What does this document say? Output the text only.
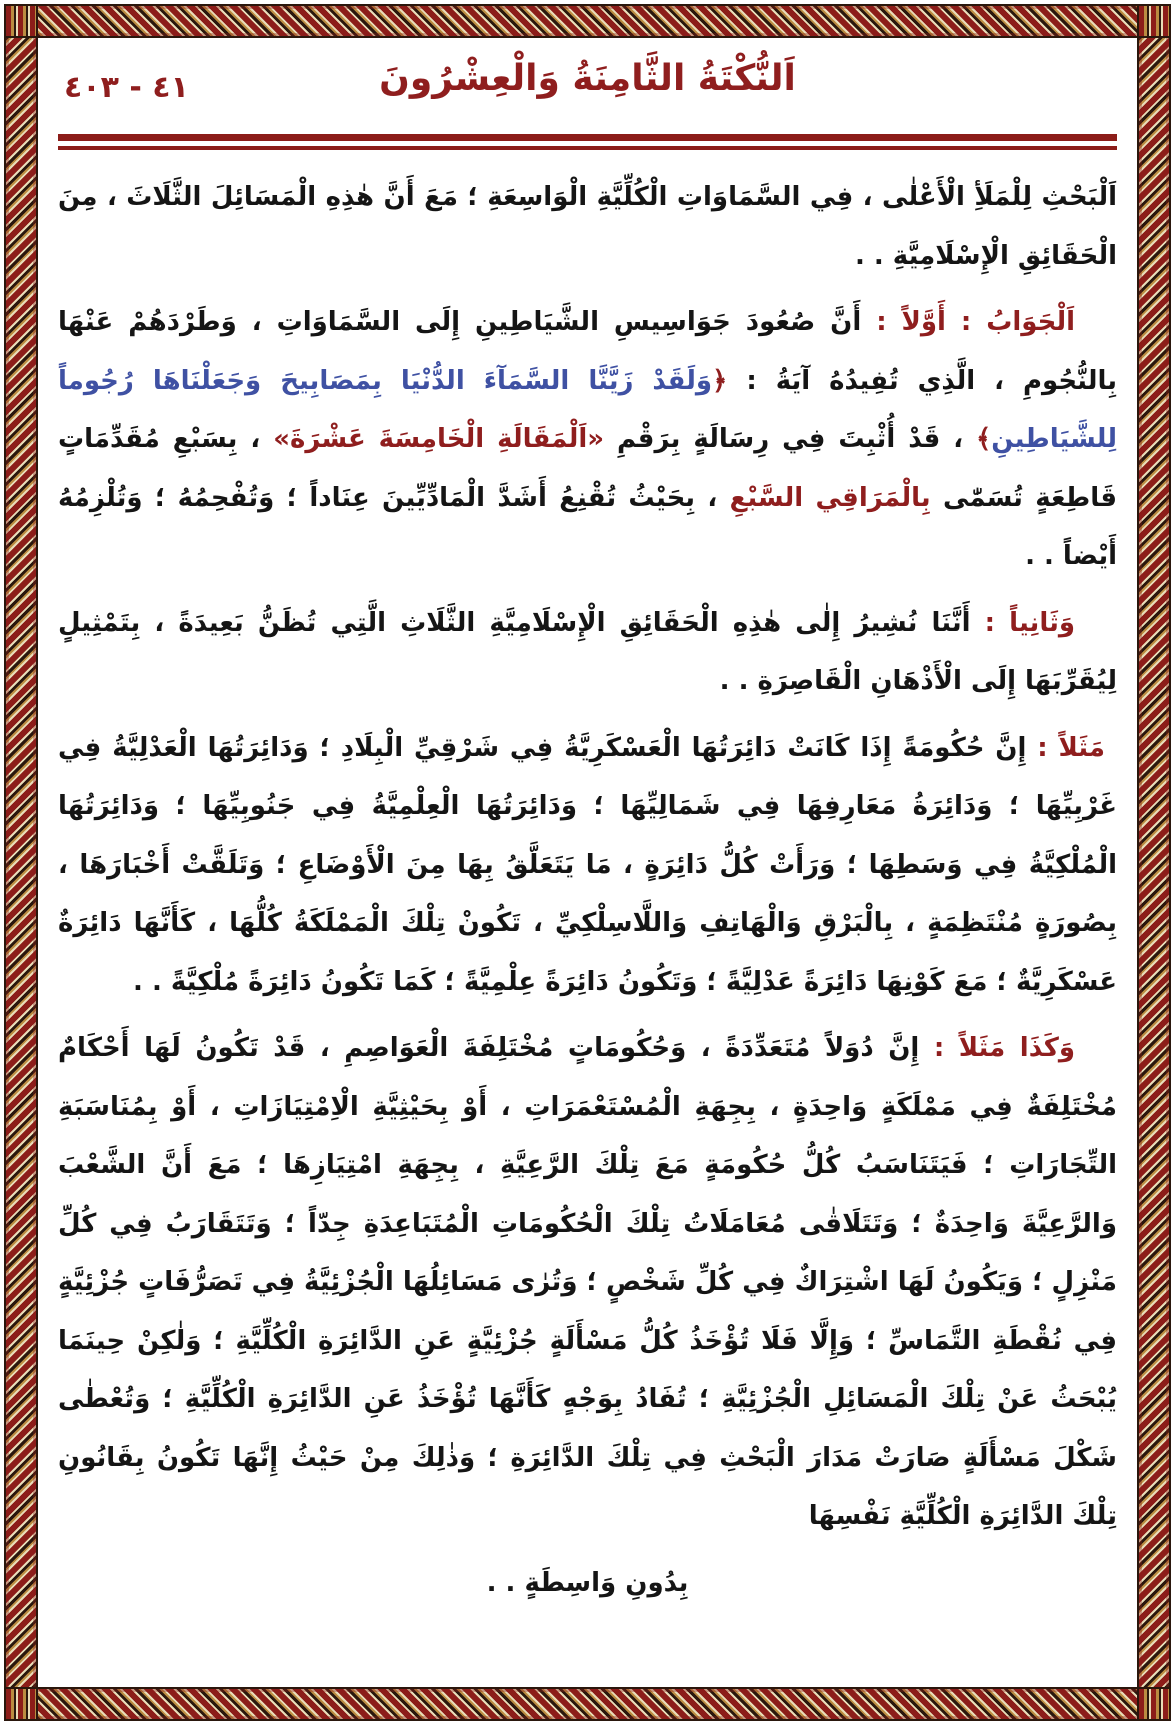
٤١ - ٤٠٣	اَلنُّكْتَةُ الثَّامِنَةُ وَالْعِشْرُونَ

اَلْبَحْثِ لِلْمَلَأِ الْأَعْلٰى ، فِي السَّمَاوَاتِ الْكُلِّيَّةِ الْوَاسِعَةِ ؛ مَعَ أَنَّ هٰذِهِ الْمَسَائِلَ الثَّلَاثَ ، مِنَ الْحَقَائِقِ الْإِسْلَامِيَّةِ . .

اَلْجَوَابُ : أَوَّلاً : أَنَّ صُعُودَ جَوَاسِيسِ الشَّيَاطِينِ إِلَى السَّمَاوَاتِ ، وَطَرْدَهُمْ عَنْهَا بِالنُّجُومِ ، الَّذِي تُفِيدُهُ آيَةُ : ﴿وَلَقَدْ زَيَّنَّا السَّمَآءَ الدُّنْيَا بِمَصَابِيحَ وَجَعَلْنَاهَا رُجُوماً لِلشَّيَاطِينِ﴾ ، قَدْ أُثْبِتَ فِي رِسَالَةٍ بِرَقْمِ «اَلْمَقَالَةِ الْخَامِسَةَ عَشْرَةَ» ، بِسَبْعِ مُقَدِّمَاتٍ قَاطِعَةٍ تُسَمّٰى بِالْمَرَاقِي السَّبْعِ ، بِحَيْثُ تُقْنِعُ أَشَدَّ الْمَادِّيِّينَ عِنَاداً ؛ وَتُفْحِمُهُ ؛ وَتُلْزِمُهُ أَيْضاً . .

وَثَانِياً : أَنَّنَا نُشِيرُ إِلٰى هٰذِهِ الْحَقَائِقِ الْإِسْلَامِيَّةِ الثَّلَاثِ الَّتِي تُظَنُّ بَعِيدَةً ، بِتَمْثِيلٍ لِيُقَرِّبَهَا إِلَى الْأَذْهَانِ الْقَاصِرَةِ . .

مَثَلاً : إِنَّ حُكُومَةً إِذَا كَانَتْ دَائِرَتُهَا الْعَسْكَرِيَّةُ فِي شَرْقِيِّ الْبِلَادِ ؛ وَدَائِرَتُهَا الْعَدْلِيَّةُ فِي غَرْبِيِّهَا ؛ وَدَائِرَةُ مَعَارِفِهَا فِي شَمَالِيِّهَا ؛ وَدَائِرَتُهَا الْعِلْمِيَّةُ فِي جَنُوبِيِّهَا ؛ وَدَائِرَتُهَا الْمُلْكِيَّةُ فِي وَسَطِهَا ؛ وَرَأَتْ كُلُّ دَائِرَةٍ ، مَا يَتَعَلَّقُ بِهَا مِنَ الْأَوْضَاعِ ؛ وَتَلَقَّتْ أَخْبَارَهَا ، بِصُورَةٍ مُنْتَظِمَةٍ ، بِالْبَرْقِ وَالْهَاتِفِ وَاللَّاسِلْكِيِّ ، تَكُونْ تِلْكَ الْمَمْلَكَةُ كُلُّهَا ، كَأَنَّهَا دَائِرَةٌ عَسْكَرِيَّةٌ ؛ مَعَ كَوْنِهَا دَائِرَةً عَدْلِيَّةً ؛ وَتَكُونُ دَائِرَةً عِلْمِيَّةً ؛ كَمَا تَكُونُ دَائِرَةً مُلْكِيَّةً . .

وَكَذَا مَثَلاً : إِنَّ دُوَلاً مُتَعَدِّدَةً ، وَحُكُومَاتٍ مُخْتَلِفَةَ الْعَوَاصِمِ ، قَدْ تَكُونُ لَهَا أَحْكَامٌ مُخْتَلِفَةٌ فِي مَمْلَكَةٍ وَاحِدَةٍ ، بِجِهَةِ الْمُسْتَعْمَرَاتِ ، أَوْ بِحَيْثِيَّةِ الْاِمْتِيَازَاتِ ، أَوْ بِمُنَاسَبَةِ التِّجَارَاتِ ؛ فَيَتَنَاسَبُ كُلُّ حُكُومَةٍ مَعَ تِلْكَ الرَّعِيَّةِ ، بِجِهَةِ امْتِيَازِهَا ؛ مَعَ أَنَّ الشَّعْبَ وَالرَّعِيَّةَ وَاحِدَةٌ ؛ وَتَتَلَاقٰى مُعَامَلَاتُ تِلْكَ الْحُكُومَاتِ الْمُتَبَاعِدَةِ جِدّاً ؛ وَتَتَقَارَبُ فِي كُلِّ مَنْزِلٍ ؛ وَيَكُونُ لَهَا اشْتِرَاكٌ فِي كُلِّ شَخْصٍ ؛ وَتُرٰى مَسَائِلُهَا الْجُزْئِيَّةُ فِي تَصَرُّفَاتٍ جُزْئِيَّةٍ فِي نُقْطَةِ التَّمَاسِّ ؛ وَإِلَّا فَلَا تُؤْخَذُ كُلُّ مَسْأَلَةٍ جُزْئِيَّةٍ عَنِ الدَّائِرَةِ الْكُلِّيَّةِ ؛ وَلٰكِنْ حِينَمَا يُبْحَثُ عَنْ تِلْكَ الْمَسَائِلِ الْجُزْئِيَّةِ ؛ تُفَادُ بِوَجْهٍ كَأَنَّهَا تُؤْخَذُ عَنِ الدَّائِرَةِ الْكُلِّيَّةِ ؛ وَتُعْطٰى شَكْلَ مَسْأَلَةٍ صَارَتْ مَدَارَ الْبَحْثِ فِي تِلْكَ الدَّائِرَةِ ؛ وَذٰلِكَ مِنْ حَيْثُ إِنَّهَا تَكُونُ بِقَانُونِ تِلْكَ الدَّائِرَةِ الْكُلِّيَّةِ نَفْسِهَا

بِدُونِ وَاسِطَةٍ . .
